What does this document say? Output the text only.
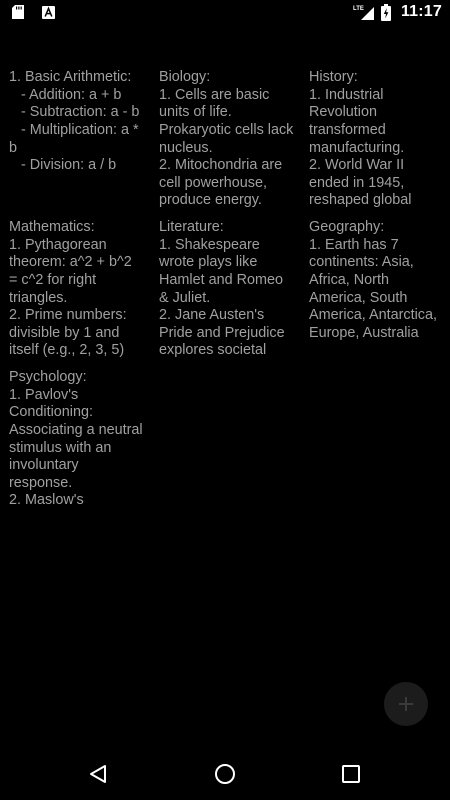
LTE 11:17

1. Basic Arithmetic:
- Addition: a + b
- Subtraction: a - b
- Multiplication: a * b
- Division: a / b

Biology:
1. Cells are basic units of life. Prokaryotic cells lack nucleus.
2. Mitochondria are cell powerhouse, produce energy.

History:
1. Industrial Revolution transformed manufacturing.
2. World War II ended in 1945, reshaped global

Mathematics:
1. Pythagorean theorem: a^2 + b^2 = c^2 for right triangles.
2. Prime numbers: divisible by 1 and itself (e.g., 2, 3, 5)

Literature:
1. Shakespeare wrote plays like Hamlet and Romeo & Juliet.
2. Jane Austen's Pride and Prejudice explores societal

Geography:
1. Earth has 7 continents: Asia, Africa, North America, South America, Antarctica, Europe, Australia

Psychology:
1. Pavlov's Conditioning: Associating a neutral stimulus with an involuntary response.
2. Maslow's
